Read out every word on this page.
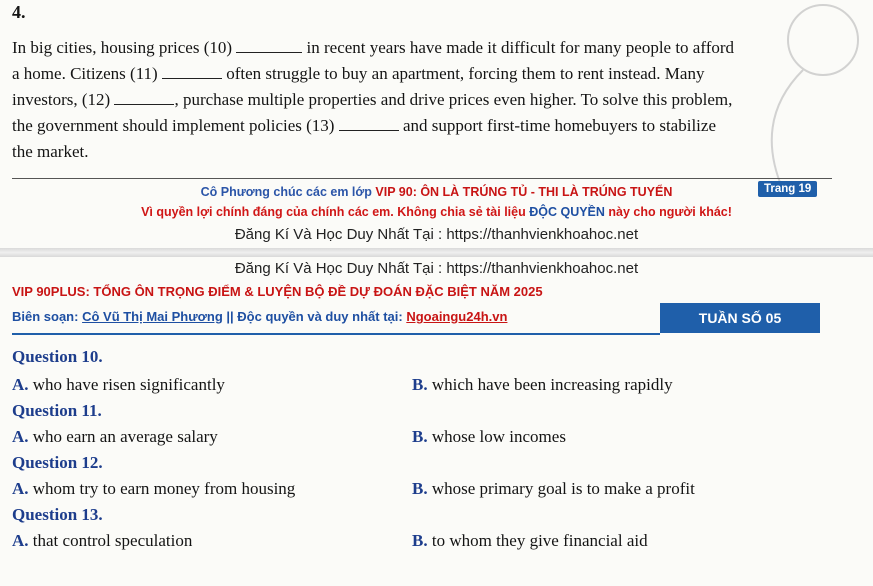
4.

In big cities, housing prices (10)	in recent years have made it difficult for many people to afford

a home. Citizens (11)	often struggle to buy an apartment, forcing them to rent instead. Many

investors, (12)	, purchase multiple properties and drive prices even higher. To solve this problem,

the government should implement policies (13)	and support first-time homebuyers to stabilize

the market.

Cô Phương chúc các em lớp VIP 90: ÔN LÀ TRÚNG TỦ - THI LÀ TRÚNG TUYỂN	Trang 19
Vì quyền lợi chính đáng của chính các em. Không chia sẻ tài liệu ĐỘC QUYỀN này cho người khác!
Đăng Kí Và Học Duy Nhất Tại : https://thanhvienkhoahoc.net
Đăng Kí Và Học Duy Nhất Tại : https://thanhvienkhoahoc.net
VIP 90PLUS: TỔNG ÔN TRỌNG ĐIỂM & LUYỆN BỘ ĐỀ DỰ ĐOÁN ĐẶC BIỆT NĂM 2025
Biên soạn: Cô Vũ Thị Mai Phương || Độc quyền và duy nhất tại: Ngoaingu24h.vn	TUẦN SỐ 05
Question 10.
A. who have risen significantly	B. which have been increasing rapidly
Question 11.
A. who earn an average salary	B. whose low incomes
Question 12.
A. whom try to earn money from housing	B. whose primary goal is to make a profit
Question 13.
A. that control speculation	B. to whom they give financial aid
